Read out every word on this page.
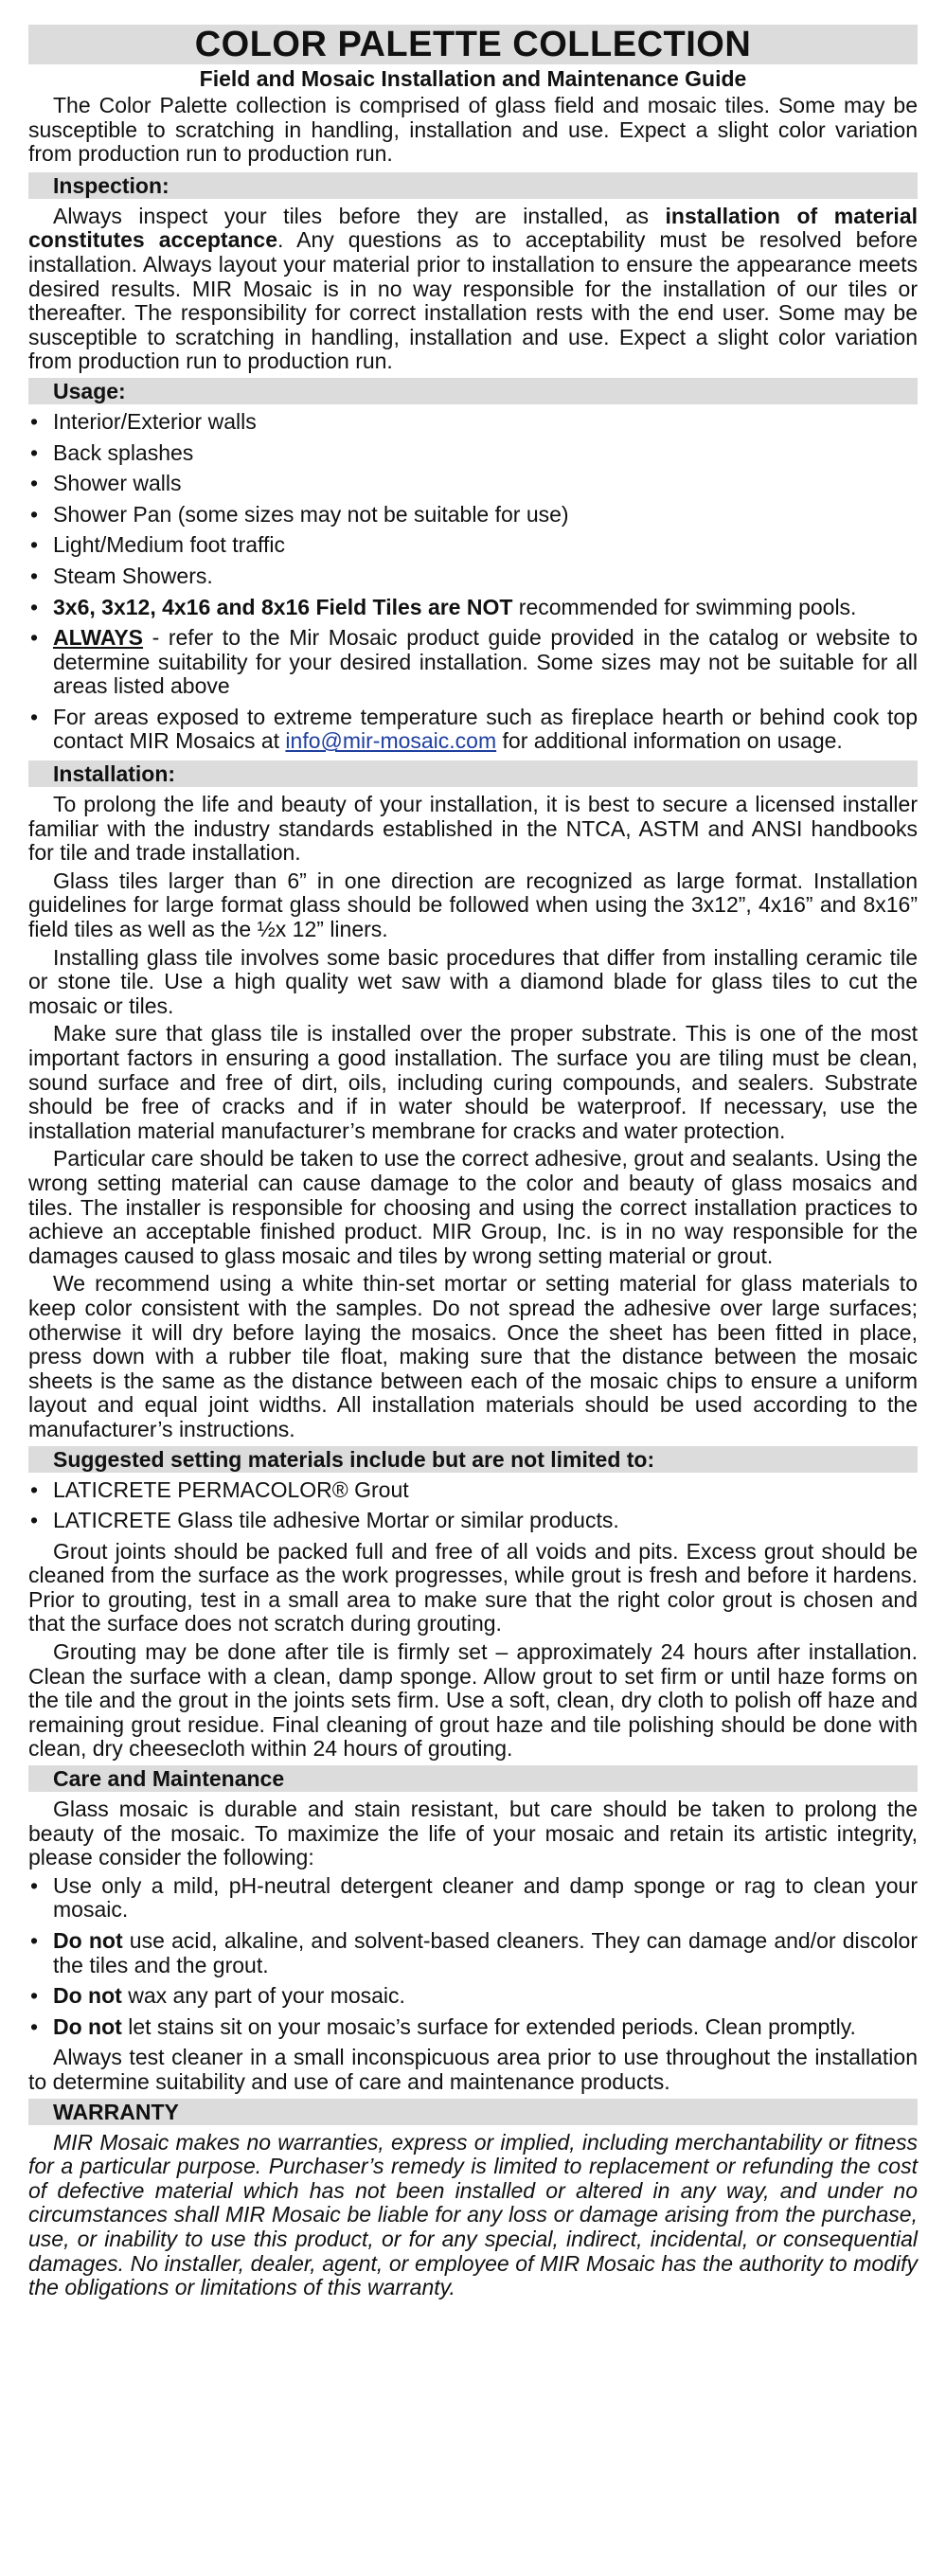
COLOR PALETTE COLLECTION
Field and Mosaic Installation and Maintenance Guide

The Color Palette collection is comprised of glass field and mosaic tiles. Some may be susceptible to scratching in handling, installation and use. Expect a slight color variation from production run to production run.

Inspection:

Always inspect your tiles before they are installed, as installation of material constitutes acceptance. Any questions as to acceptability must be resolved before installation. Always layout your material prior to installation to ensure the appearance meets desired results. MIR Mosaic is in no way responsible for the installation of our tiles or thereafter. The responsibility for correct installation rests with the end user. Some may be susceptible to scratching in handling, installation and use. Expect a slight color variation from production run to production run.

Usage:
• Interior/Exterior walls
• Back splashes
• Shower walls
• Shower Pan (some sizes may not be suitable for use)
• Light/Medium foot traffic
• Steam Showers.
• 3x6, 3x12, 4x16 and 8x16 Field Tiles are NOT recommended for swimming pools.
• ALWAYS - refer to the Mir Mosaic product guide provided in the catalog or website to determine suitability for your desired installation. Some sizes may not be suitable for all areas listed above
• For areas exposed to extreme temperature such as fireplace hearth or behind cook top contact MIR Mosaics at info@mir-mosaic.com for additional information on usage.
Installation:

To prolong the life and beauty of your installation, it is best to secure a licensed installer familiar with the industry standards established in the NTCA, ASTM and ANSI handbooks for tile and trade installation.

Glass tiles larger than 6” in one direction are recognized as large format. Installation guidelines for large format glass should be followed when using the 3x12”, 4x16” and 8x16” field tiles as well as the ½x 12” liners.

Installing glass tile involves some basic procedures that differ from installing ceramic tile or stone tile. Use a high quality wet saw with a diamond blade for glass tiles to cut the mosaic or tiles.

Make sure that glass tile is installed over the proper substrate. This is one of the most important factors in ensuring a good installation. The surface you are tiling must be clean, sound surface and free of dirt, oils, including curing compounds, and sealers. Substrate should be free of cracks and if in water should be waterproof. If necessary, use the installation material manufacturer’s membrane for cracks and water protection.

Particular care should be taken to use the correct adhesive, grout and sealants. Using the wrong setting material can cause damage to the color and beauty of glass mosaics and tiles. The installer is responsible for choosing and using the correct installation practices to achieve an acceptable finished product. MIR Group, Inc. is in no way responsible for the damages caused to glass mosaic and tiles by wrong setting material or grout.

We recommend using a white thin-set mortar or setting material for glass materials to keep color consistent with the samples. Do not spread the adhesive over large surfaces; otherwise it will dry before laying the mosaics. Once the sheet has been fitted in place, press down with a rubber tile float, making sure that the distance between the mosaic sheets is the same as the distance between each of the mosaic chips to ensure a uniform layout and equal joint widths. All installation materials should be used according to the manufacturer’s instructions.

Suggested setting materials include but are not limited to:
• LATICRETE PERMACOLOR® Grout
• LATICRETE Glass tile adhesive Mortar or similar products.

Grout joints should be packed full and free of all voids and pits. Excess grout should be cleaned from the surface as the work progresses, while grout is fresh and before it hardens. Prior to grouting, test in a small area to make sure that the right color grout is chosen and that the surface does not scratch during grouting.

Grouting may be done after tile is firmly set – approximately 24 hours after installation. Clean the surface with a clean, damp sponge. Allow grout to set firm or until haze forms on the tile and the grout in the joints sets firm. Use a soft, clean, dry cloth to polish off haze and remaining grout residue. Final cleaning of grout haze and tile polishing should be done with clean, dry cheesecloth within 24 hours of grouting.

Care and Maintenance

Glass mosaic is durable and stain resistant, but care should be taken to prolong the beauty of the mosaic. To maximize the life of your mosaic and retain its artistic integrity, please consider the following:

• Use only a mild, pH-neutral detergent cleaner and damp sponge or rag to clean your mosaic.
• Do not use acid, alkaline, and solvent-based cleaners. They can damage and/or discolor the tiles and the grout.
• Do not wax any part of your mosaic.
• Do not let stains sit on your mosaic’s surface for extended periods. Clean promptly.

Always test cleaner in a small inconspicuous area prior to use throughout the installation to determine suitability and use of care and maintenance products.

WARRANTY

MIR Mosaic makes no warranties, express or implied, including merchantability or fitness for a particular purpose. Purchaser’s remedy is limited to replacement or refunding the cost of defective material which has not been installed or altered in any way, and under no circumstances shall MIR Mosaic be liable for any loss or damage arising from the purchase, use, or inability to use this product, or for any special, indirect, incidental, or consequential damages. No installer, dealer, agent, or employee of MIR Mosaic has the authority to modify the obligations or limitations of this warranty.
